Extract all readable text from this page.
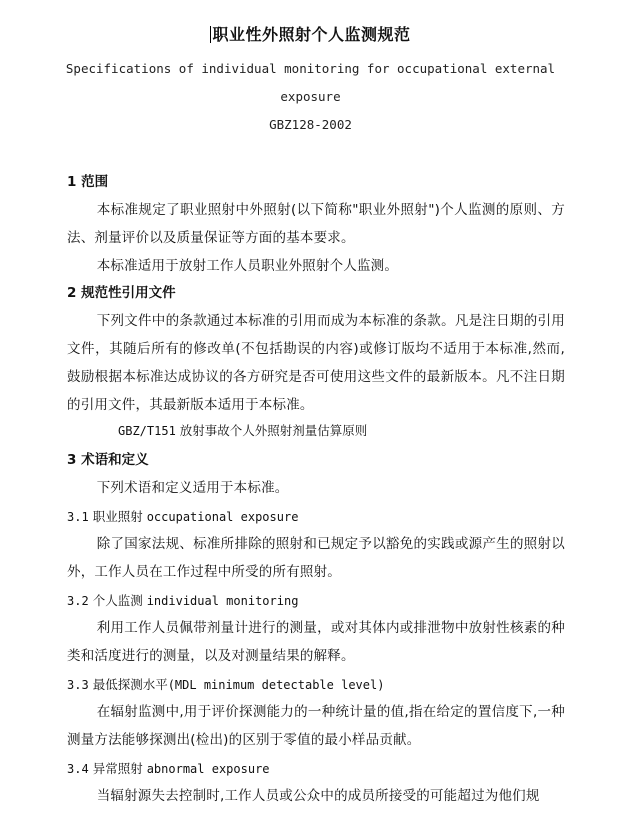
职业性外照射个人监测规范
Specifications of individual monitoring for occupational external
exposure
GBZ128-2002
1 范围
本标准规定了职业照射中外照射(以下简称"职业外照射")个人监测的原则、方法、剂量评价以及质量保证等方面的基本要求。
本标准适用于放射工作人员职业外照射个人监测。
2 规范性引用文件
下列文件中的条款通过本标准的引用而成为本标准的条款。凡是注日期的引用文件，其随后所有的修改单(不包括勘误的内容)或修订版均不适用于本标准,然而,鼓励根据本标准达成协议的各方研究是否可使用这些文件的最新版本。凡不注日期的引用文件，其最新版本适用于本标准。
GBZ/T151 放射事故个人外照射剂量估算原则
3 术语和定义
下列术语和定义适用于本标准。
3.1 职业照射 occupational exposure
除了国家法规、标准所排除的照射和已规定予以豁免的实践或源产生的照射以外，工作人员在工作过程中所受的所有照射。
3.2 个人监测 individual monitoring
利用工作人员佩带剂量计进行的测量，或对其体内或排泄物中放射性核素的种类和活度进行的测量，以及对测量结果的解释。
3.3 最低探测水平(MDL minimum detectable level)
在辐射监测中,用于评价探测能力的一种统计量的值,指在给定的置信度下,一种测量方法能够探测出(检出)的区别于零值的最小样品贡献。
3.4 异常照射 abnormal exposure
当辐射源失去控制时,工作人员或公众中的成员所接受的可能超过为他们规
